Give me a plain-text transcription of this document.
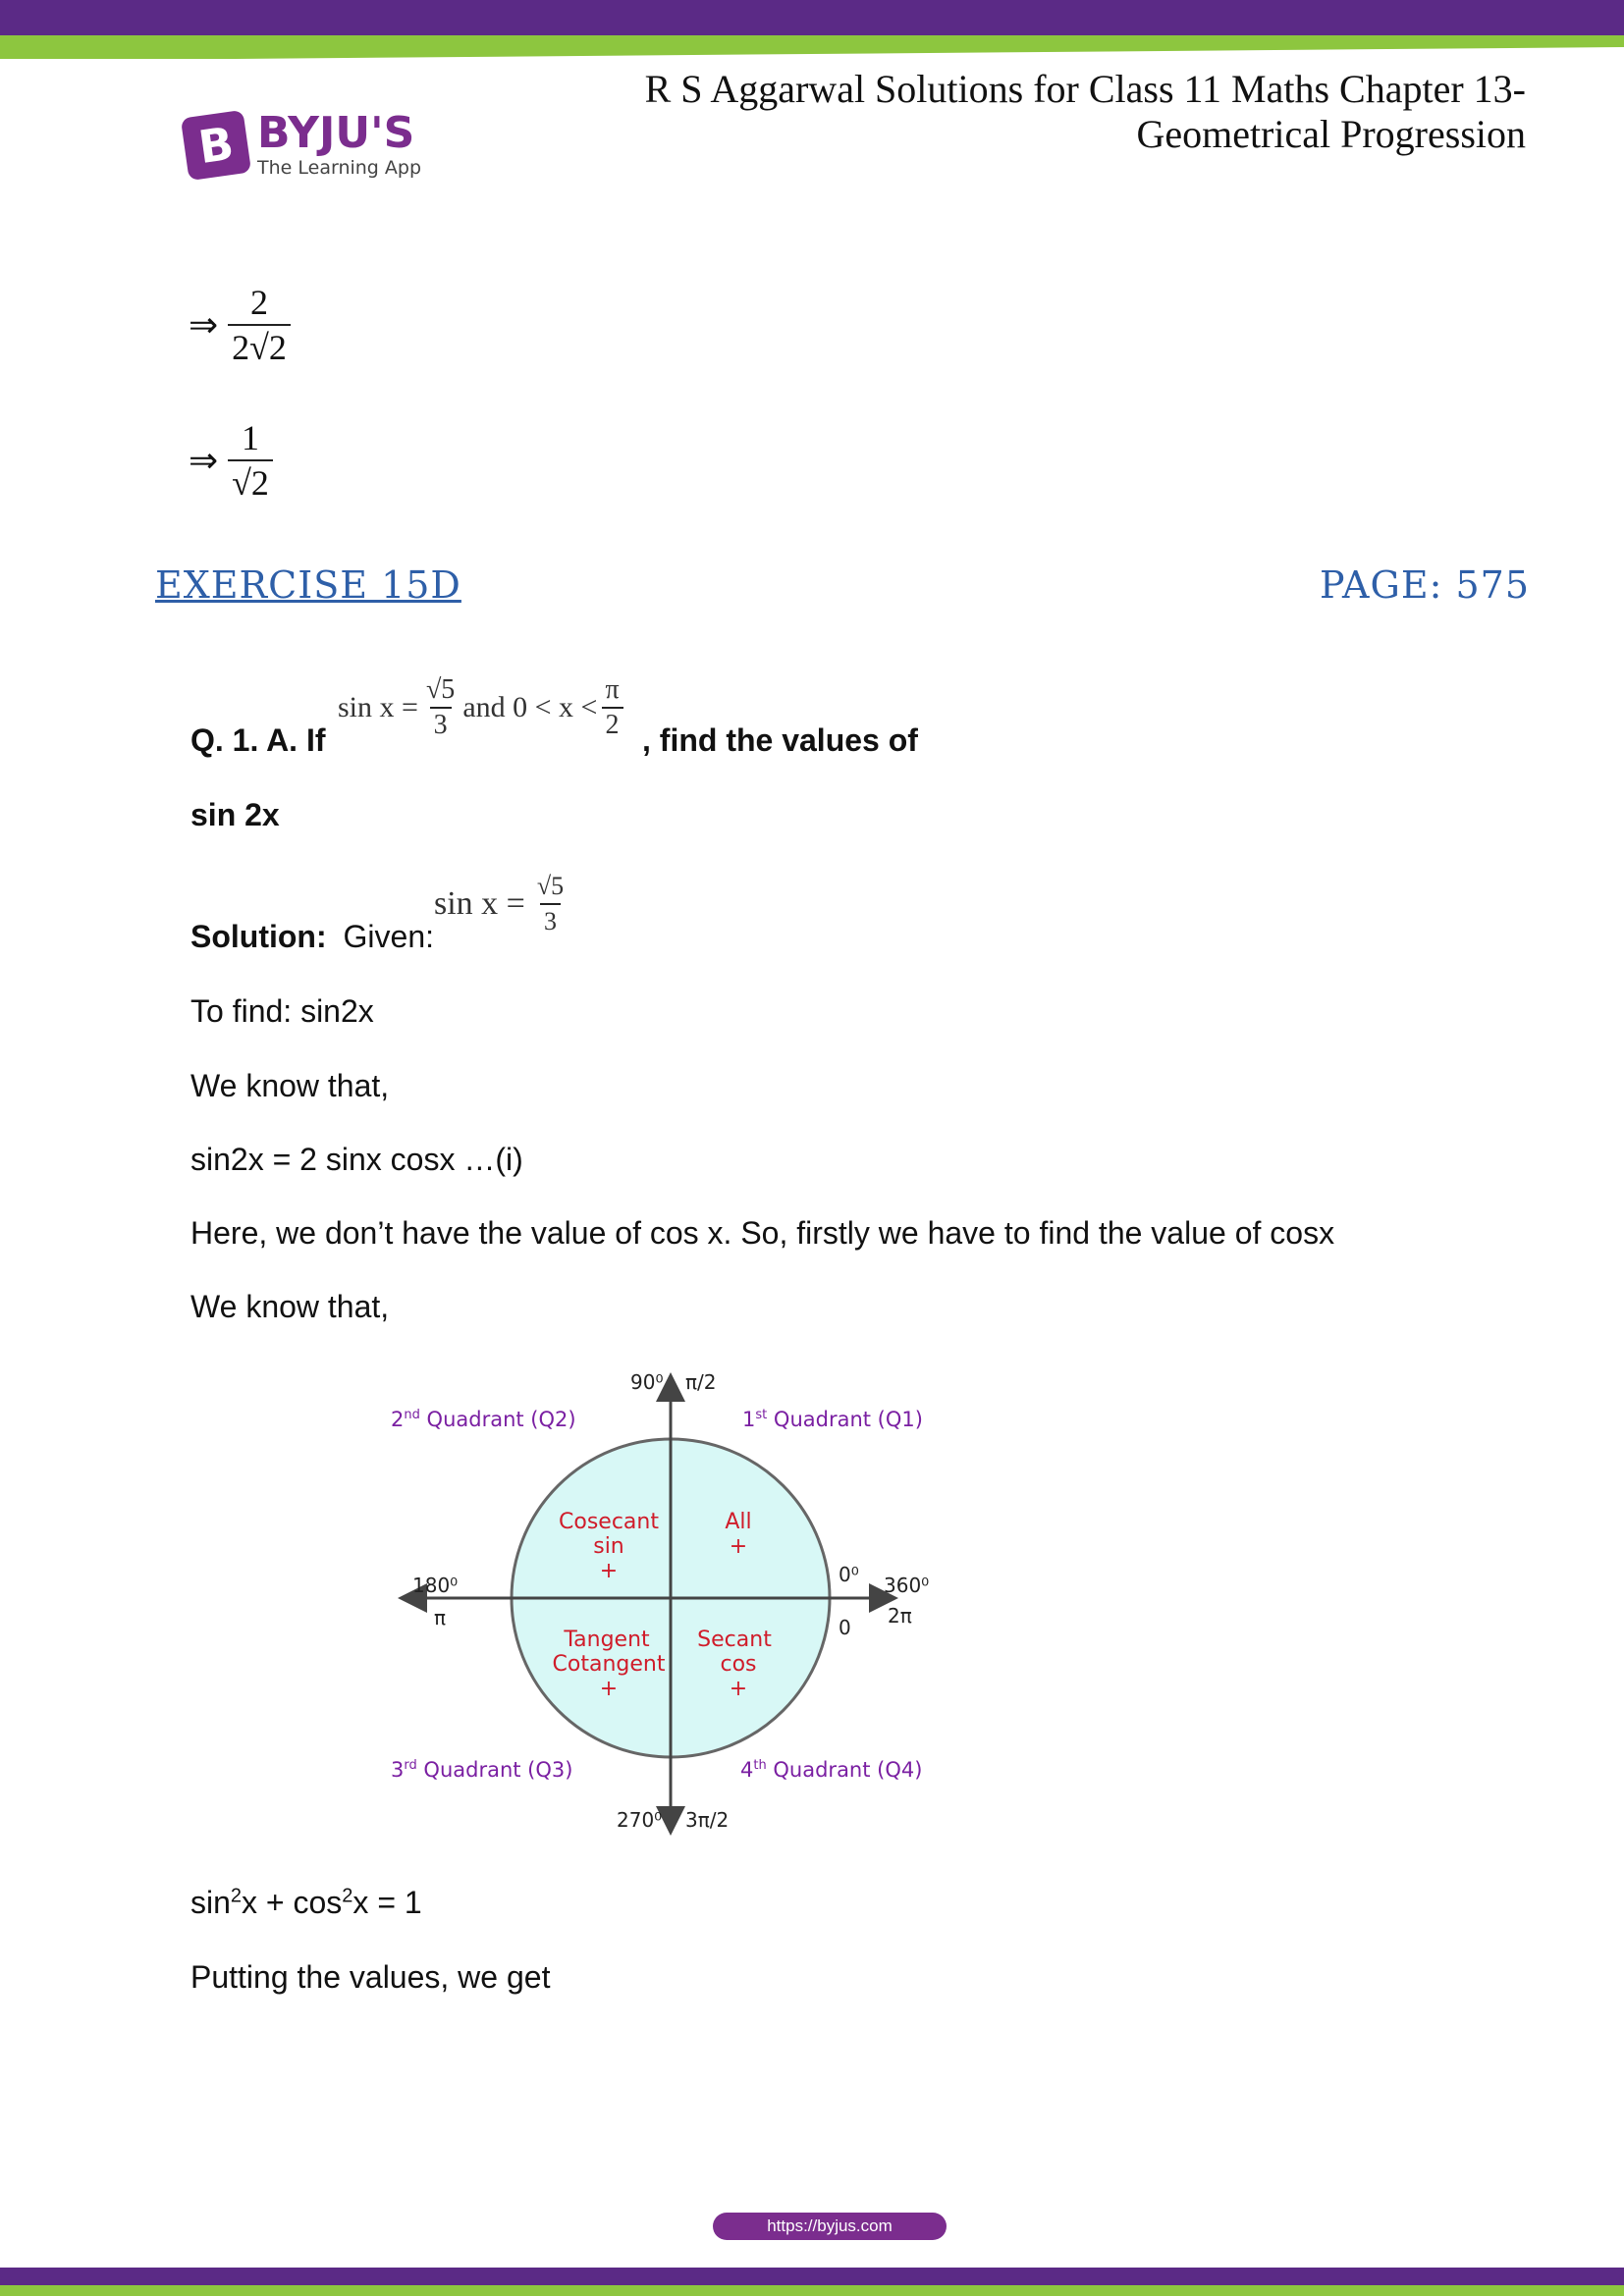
B BYJU'S
The Learning App
R S Aggarwal Solutions for Class 11 Maths Chapter 13-
Geometrical Progression
⇒ $\frac{2}{2√2}$
⇒ $\frac{1}{√2}$
EXERCISE 15D	PAGE: 575
Q. 1. A. If
$\sin x = \frac{√5}{3}$ and $0 < x < \frac{\pi}{2}$ , find the values of
sin 2x
Solution: Given:
$\sin x = \frac{√5}{3}$
To find: sin2x
We know that,
sin2x = 2 sinx cosx …(i)
Here, we don’t have the value of cos x. So, firstly we have to find the value of cosx
We know that,
90⁰ π/2
180⁰
π
0⁰ 360⁰
2π
0
270⁰ 3π/2
1st Quadrant (Q1)
2nd Quadrant (Q2)
3rd Quadrant (Q3)	4th Quadrant (Q4)
All
+
Cosecant
sin
+
Tangent
Cotangent
+
Secant
cos
+
$\sin^2x + \cos^2x = 1$
Putting the values, we get
https://byjus.com
